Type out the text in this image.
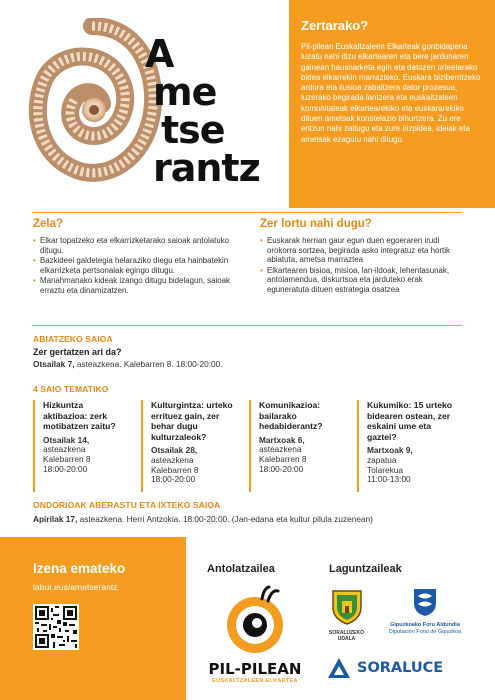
A
me
tse
rantz
Zertarako?
Pil-pilean Euskaltzaleen Elkarteak gonbidapena luzatu nahi dizu elkartearen eta bere jardunaren gainean hausnarketa egin eta datozen urteetarako bidea elkarrekin marrazteko. Euskara biziberritzeko ardura eta ilusioa zabaltzera dator prozesua, luzerako begirada lantzera eta euskaltzaleen komunitateak elkartearekiko eta euskararekiko dituen ametsak konstelazio bihurtzera. Zu ere entzun nahi zaitugu eta zure irizpidea, ideiak eta ametsak ezagutu nahi ditugu.
Zela?
• Elkar topatzeko eta elkarrizketarako saioak antolatuko ditugu.
• Bazkideei galdetegia helaraziko diegu eta hainbatekin elkarrizketa pertsonalak egingo ditugu.
• Manahmanako kideak izango ditugu bidelagun, saioak erraztu eta dinamizatzen.
Zer lortu nahi dugu?
• Euskarak herrian gaur egun duen egoeraren irudi orokorra sortzea, begirada asko integratuz eta hortik abiatuta, ametsa marraztea
• Elkartearen bisioa, misioa, lan-ildoak, lehentasunak, antolamendua, diskurtsoa eta jarduteko erak eguneratuta dituen estrategia osatzea
ABIATZEKO SAIOA
Zer gertatzen ari da?
Otsailak 7, asteazkena. Kalebarren 8. 18:00-20:00.
4 SAIO TEMATIKO
Hizkuntza aktibazioa: zerk motibatzen zaitu?
Otsailak 14,
asteazkena
Kalebarren 8
18:00-20:00
Kulturgintza: urteko errituez gain, zer behar dugu kulturzaleok?
Otsailak 28,
asteazkena
Kalebarren 8
18:00-20:00
Komunikazioa: bailarako hedabiderantz?
Martxoak 6,
asteazkena
Kalebarren 8
18:00-20:00
Kukumiko: 15 urteko bidearen ostean, zer eskaini ume eta gaztei?
Martxoak 9,
zapatua
Tolarekua
11:00-13:00
ONDORIOAK ABERASTU ETA IXTEKO SAIOA
Apirilak 17, asteazkena. Herri Antzokia. 18:00-20:00. (Jan-edana eta kultur pilula zuzenean)
Izena emateko
labur.eus/ametserantz
Antolatzailea
PIL-PILEAN
EUSKALTZALEEN ELKARTEA
Laguntzaileak
SORALUZEKO UDALA
Gipuzkoako Foru Aldundia
Diputación Foral de Gipuzkoa
SORALUCE
